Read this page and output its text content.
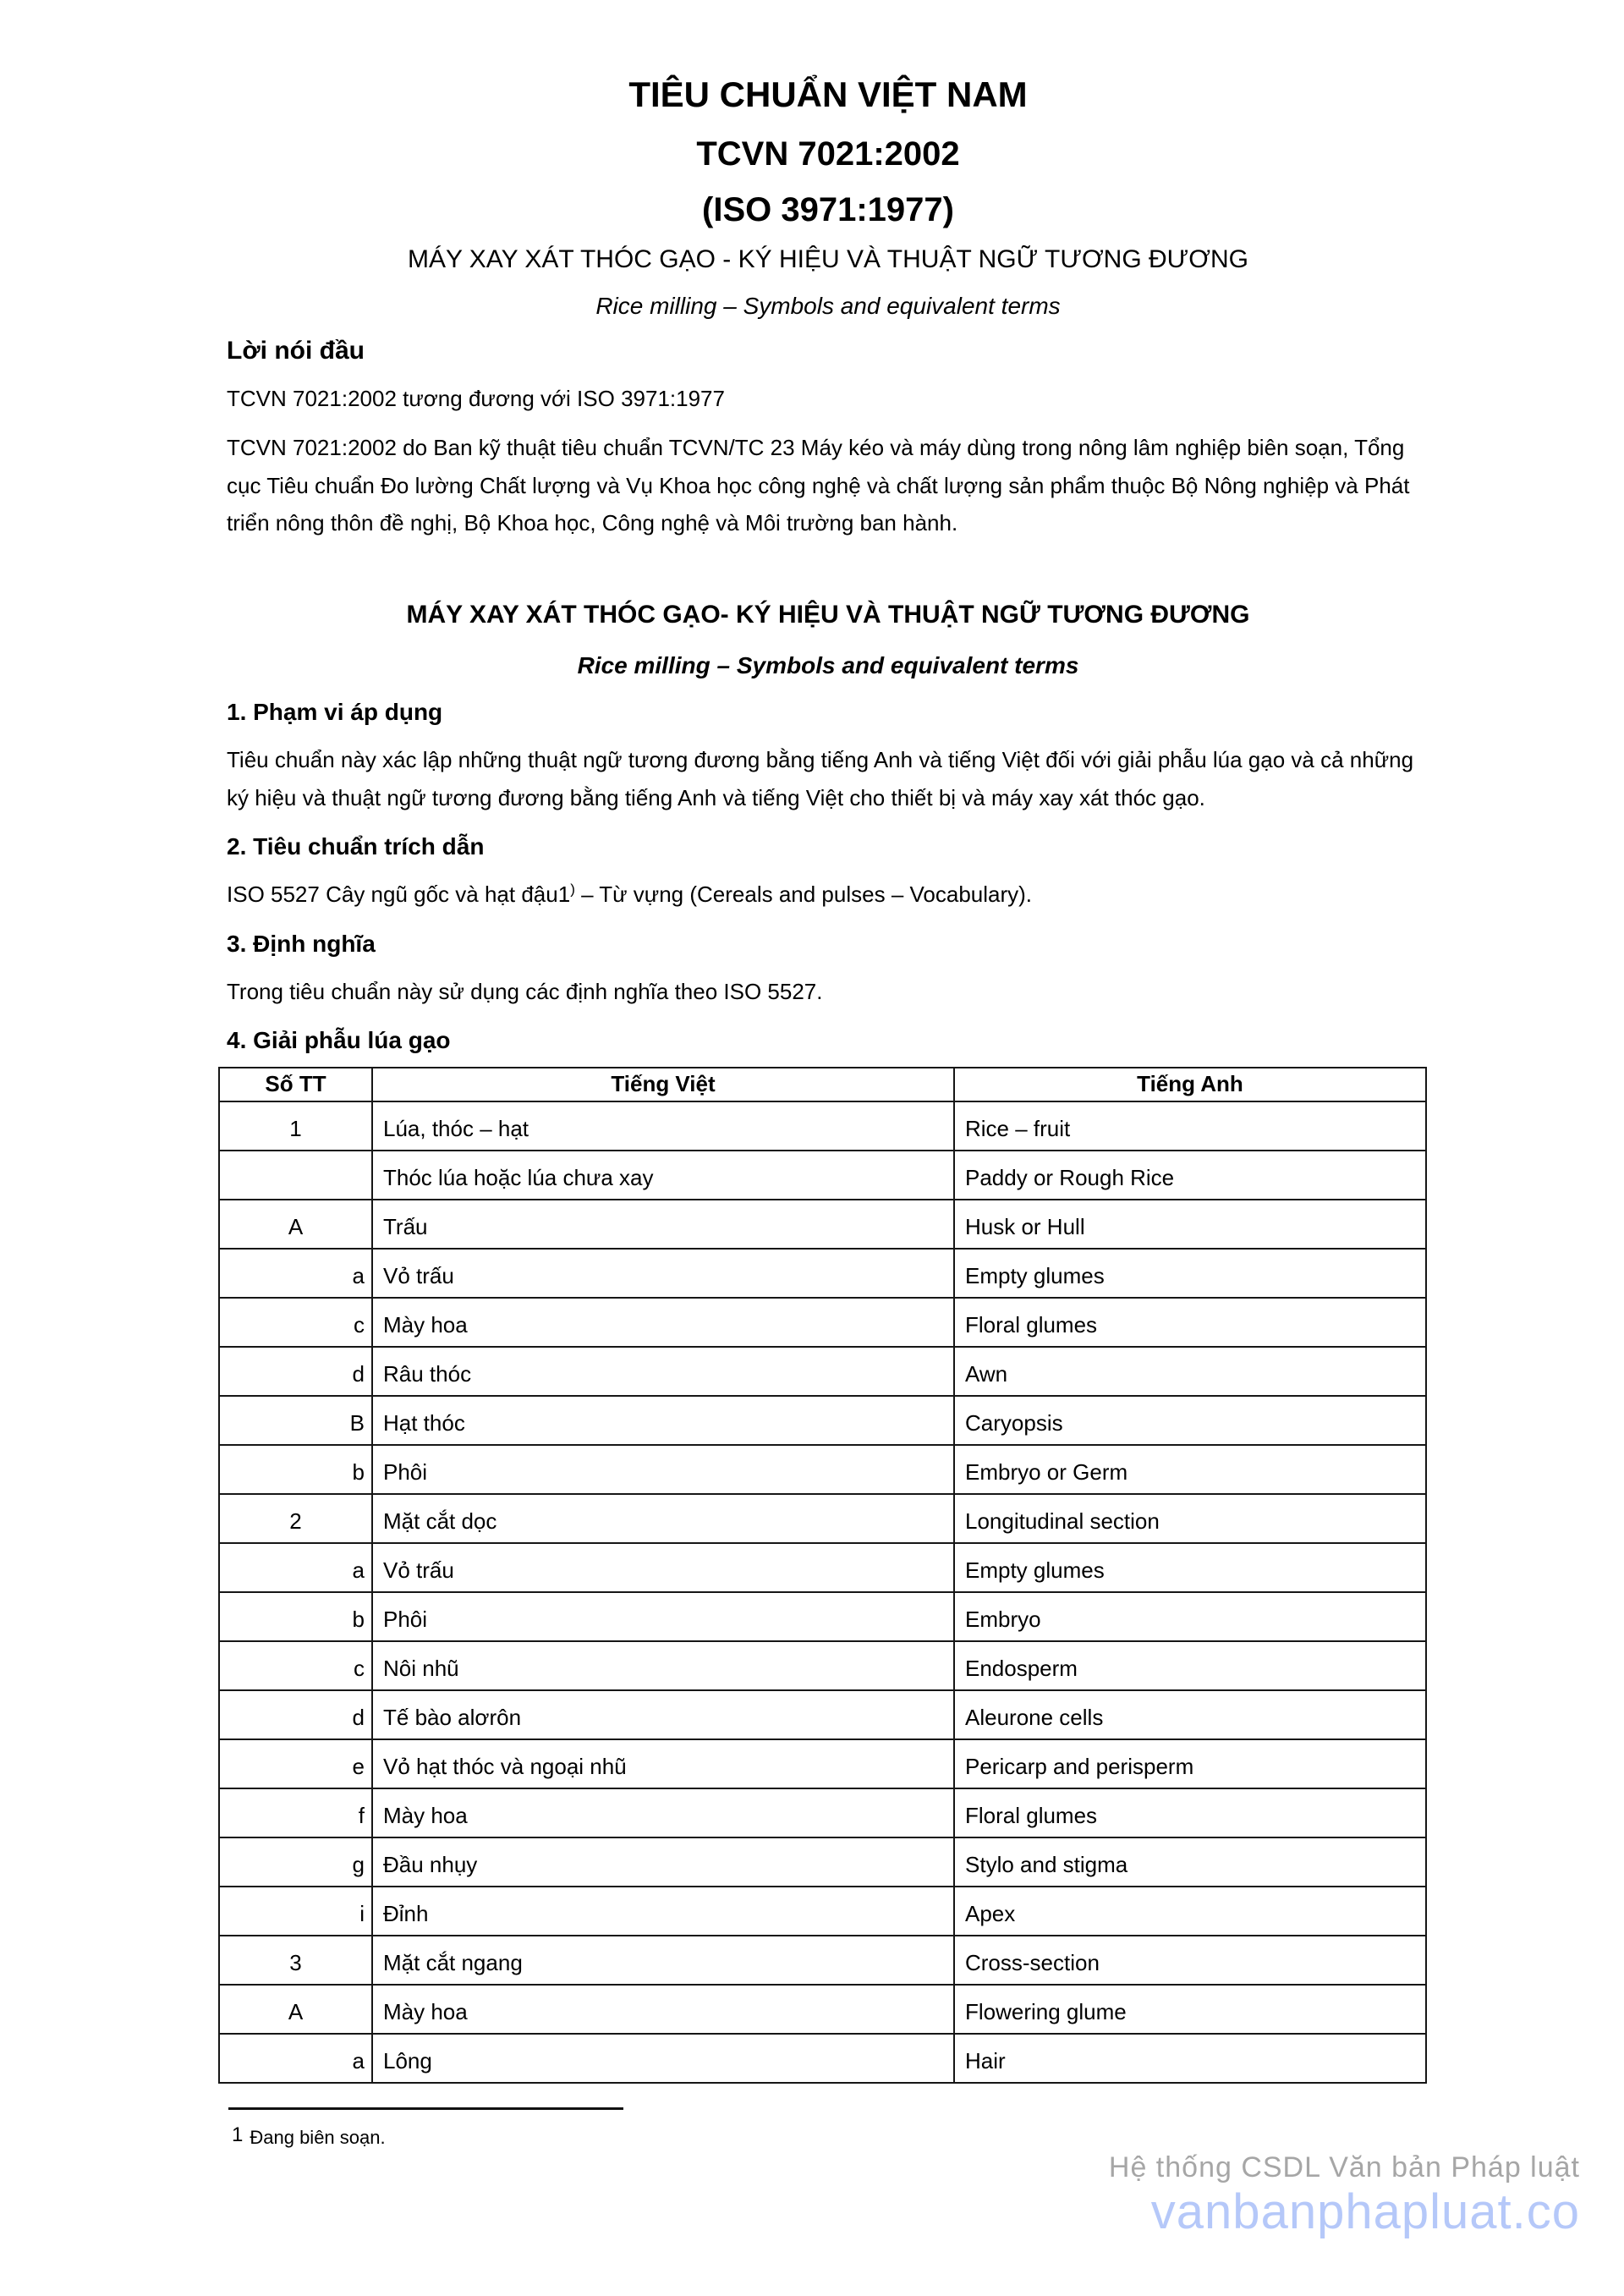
TIÊU CHUẨN VIỆT NAM
TCVN 7021:2002
(ISO 3971:1977)
MÁY XAY XÁT THÓC GẠO - KÝ HIỆU VÀ THUẬT NGỮ TƯƠNG ĐƯƠNG
Rice milling – Symbols and equivalent terms
Lời nói đầu

TCVN 7021:2002 tương đương với ISO 3971:1977

TCVN 7021:2002 do Ban kỹ thuật tiêu chuẩn TCVN/TC 23 Máy kéo và máy dùng trong nông lâm nghiệp biên soạn, Tổng cục Tiêu chuẩn Đo lường Chất lượng và Vụ Khoa học công nghệ và chất lượng sản phẩm thuộc Bộ Nông nghiệp và Phát triển nông thôn đề nghị, Bộ Khoa học, Công nghệ và Môi trường ban hành.

MÁY XAY XÁT THÓC GẠO- KÝ HIỆU VÀ THUẬT NGỮ TƯƠNG ĐƯƠNG
Rice milling – Symbols and equivalent terms
1. Phạm vi áp dụng

Tiêu chuẩn này xác lập những thuật ngữ tương đương bằng tiếng Anh và tiếng Việt đối với giải phẫu lúa gạo và cả những ký hiệu và thuật ngữ tương đương bằng tiếng Anh và tiếng Việt cho thiết bị và máy xay xát thóc gạo.

2. Tiêu chuẩn trích dẫn

ISO 5527 Cây ngũ gốc và hạt đậu1) – Từ vựng (Cereals and pulses – Vocabulary).

3. Định nghĩa

Trong tiêu chuẩn này sử dụng các định nghĩa theo ISO 5527.

4. Giải phẫu lúa gạo
Số TT	Tiếng Việt	Tiếng Anh
1	Lúa, thóc – hạt	Rice – fruit
	Thóc lúa hoặc lúa chưa xay	Paddy or Rough Rice
A	Trấu	Husk or Hull
a	Vỏ trấu	Empty glumes
c	Mày hoa	Floral glumes
d	Râu thóc	Awn
B	Hạt thóc	Caryopsis
b	Phôi	Embryo or Germ
2	Mặt cắt dọc	Longitudinal section
a	Vỏ trấu	Empty glumes
b	Phôi	Embryo
c	Nôi nhũ	Endosperm
d	Tế bào alơrôn	Aleurone cells
e	Vỏ hạt thóc và ngoại nhũ	Pericarp and perisperm
f	Mày hoa	Floral glumes
g	Đầu nhụy	Stylo and stigma
i	Đỉnh	Apex
3	Mặt cắt ngang	Cross-section
A	Mày hoa	Flowering glume
a	Lông	Hair

1 Đang biên soạn.

Hệ thống CSDL Văn bản Pháp luật
vanbanphapluat.co
